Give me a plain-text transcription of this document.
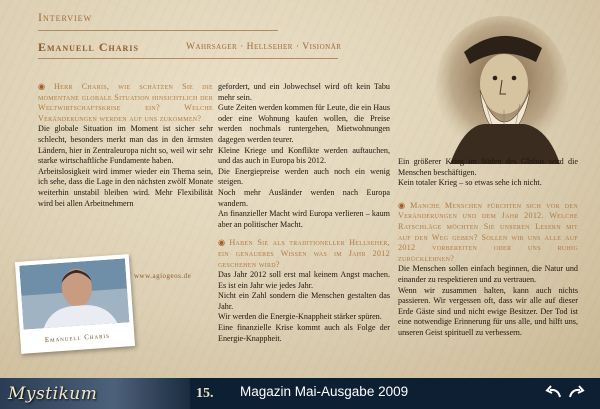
Interview
Emanuell Charis	Wahrsager · Hellseher · Visionär
◉ Herr Charis, wie schätzen Sie die momentane globale Situation hinsichtlich der Weltwirtschaftskrise ein? Welche Veränderungen werden auf uns zukommen?
Die globale Situation im Moment ist sicher sehr schlecht, besonders merkt man das in den ärmsten Ländern, hier in Zentraleuropa nicht so, weil wir sehr starke wirtschaftliche Fundamente haben.
Arbeitslosigkeit wird immer wieder ein Thema sein, ich sehe, dass die Lage in den nächsten zwölf Monate weiterhin unstabil bleiben wird. Mehr Flexibilität wird bei allen Arbeitnehmern
www.agiogeos.de
Emanuell Charis
gefordert, und ein Jobwechsel wird oft kein Tabu mehr sein.
Gute Zeiten werden kommen für Leute, die ein Haus oder eine Wohnung kaufen wollen, die Preise werden nochmals runtergehen, Mietwohnungen dagegen werden teurer.
Kleine Kriege und Konflikte werden auftauchen, und das auch in Europa bis 2012.
Die Energiepreise werden auch noch ein wenig steigen.
Noch mehr Ausländer werden nach Europa wandern.
An finanzieller Macht wird Europa verlieren – kaum aber an politischer Macht.
◉ Haben Sie als traditioneller Hellseher, ein genaueres Wissen was im Jahr 2012 geschehen wird?
Das Jahr 2012 soll erst mal keinem Angst machen. Es ist ein Jahr wie jedes Jahr.
Nicht ein Zahl sondern die Menschen gestalten das Jahr.
Wir werden die Energie-Knappheit stärker spüren.
Eine finanzielle Krise kommt auch als Folge der Energie-Knappheit.
Ein größerer Krieg im Süden des Globus wird die Menschen beschäftigen.
Kein totaler Krieg – so etwas sehe ich nicht.
◉ Manche Menschen fürchten sich vor den Veränderungen und dem Jahr 2012. Welche Ratschläge möchten Sie unseren Lesern mit auf den Weg geben? Sollen wir uns alle auf 2012 vorbereiten oder uns ruhig zurücklehnen?
Die Menschen sollen einfach beginnen, die Natur und einander zu respektieren und zu vertrauen.
Wenn wir zusammen halten, kann auch nichts passieren. Wir vergessen oft, dass wir alle auf dieser Erde Gäste sind und nicht ewige Besitzer. Der Tod ist eine notwendige Erinnerung für uns alle, und hilft uns, unseren Geist spirituell zu verbessern.
Mystikum	15. Magazin Mai-Ausgabe 2009
